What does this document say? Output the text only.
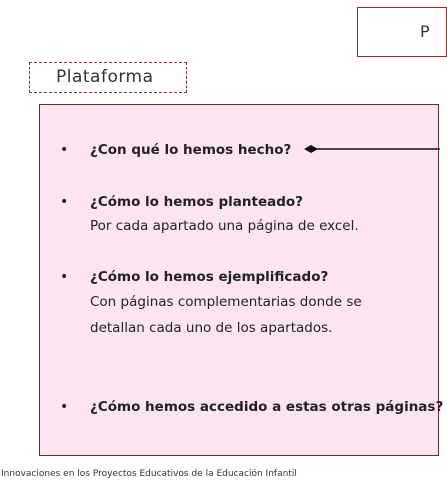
P
Plataforma
• ¿Con qué lo hemos hecho?
• ¿Cómo lo hemos planteado?
Por cada apartado una página de excel.
• ¿Cómo lo hemos ejemplificado?
Con páginas complementarias donde se
detallan cada uno de los apartados.
• ¿Cómo hemos accedido a estas otras páginas?
Innovaciones en los Proyectos Educativos de la Educación Infantil
